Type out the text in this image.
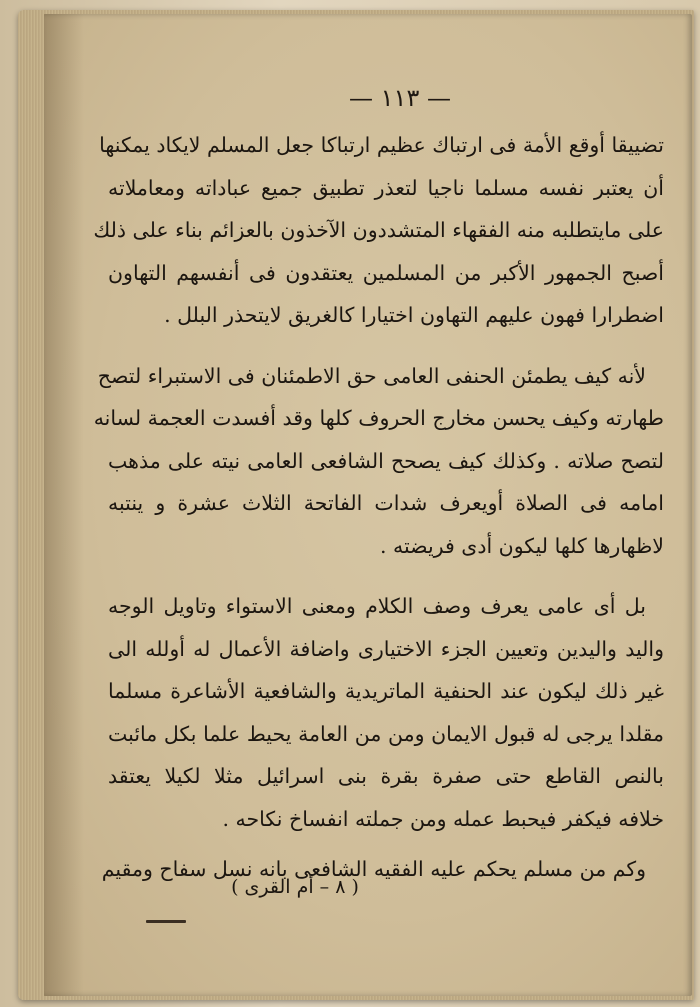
— ١١٣ —
تضييقا أوقع الأمة فى ارتباك عظيم ارتباكا جعل المسلم لايكاد يمكنها
أن يعتبر نفسه مسلما ناجيا لتعذر تطبيق جميع عباداته ومعاملاته
على مايتطلبه منه الفقهاء المتشددون الآخذون بالعزائم بناء على ذلك
أصبح الجمهور الأكبر من المسلمين يعتقدون فى أنفسهم التهاون
اضطرارا فهون عليهم التهاون اختيارا كالغريق لايتحذر البلل .
لأنه كيف يطمئن الحنفى العامى حق الاطمئنان فى الاستبراء لتصح
طهارته وكيف يحسن مخارج الحروف كلها وقد أفسدت العجمة لسانه
لتصح صلاته . وكذلك كيف يصحح الشافعى العامى نيته على مذهب
امامه فى الصلاة أويعرف شدات الفاتحة الثلاث عشرة و ينتبه
لاظهارها كلها ليكون أدى فريضته .
بل أى عامى يعرف وصف الكلام ومعنى الاستواء وتاويل الوجه
واليد واليدين وتعيين الجزء الاختيارى واضافة الأعمال له أولله الى
غير ذلك ليكون عند الحنفية الماتريدية والشافعية الأشاعرة مسلما
مقلدا يرجى له قبول الايمان ومن من العامة يحيط علما بكل مائبت
بالنص القاطع حتى صفرة بقرة بنى اسرائيل مثلا لكيلا يعتقد
خلافه فيكفر فيحبط عمله ومن جملته انفساخ نكاحه .
وكم من مسلم يحكم عليه الفقيه الشافعى بانه نسل سفاح ومقيم
( ٨ – أم القرى )
